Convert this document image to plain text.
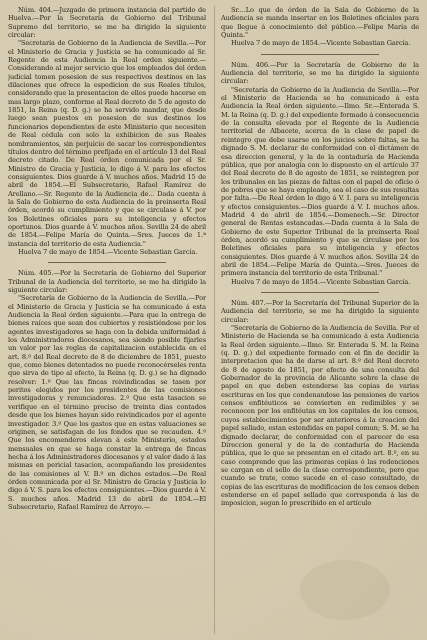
Núm. 404.—Juzgado de primera instancia del partido de Huelva.—Por la Secretaría de Gobierno del Tribunal Supremo del territorio, se me ha dirigido la siguiente circular:

"Secretaría de Gobierno de la Audiencia de Sevilla.—Por el Ministerio de Gracia y Justicia se ha comunicado al Sr. Regente de esta Audiencia la Real orden siguiente.—Considerando al mejor servicio que los empleados del órden judicial tomen posesion de sus respectivos destinos en las dilaciones que ofrece la espedicion de sus Reales títulos, considerando que la presentacion de ellos puede hacerse en mas largo plazo, conforme al Real decreto de 5 de agosto de 1851, la Reina (q. D. g.) se ha servido mandar, que desde luego sean puestos en posesion de sus destinos los funcionarios dependientes de este Ministerio que necesiten de Real cédula con solo la exhibicion de sus Reales nombramientos, sin perjuicio de sacar los correspondientes títulos dentro del término prefijado en el artículo 13 del Real decreto citado. De Real órden comunicada por el Sr. Ministro de Gracia y Justicia, lo digo á V. para los efectos consiguientes. Dios guarde á V. muchos años. Madrid 15 de abril de 1854.—El Subsecretario, Rafael Ramírez de Arellano.—Sr. Regente de la Audiencia de... Dada cuenta á la Sala de Gobierno de esta Audiencia de la preinserta Real órden, acordó su cumplimiento y que se circulase á V. por los Boletines oficiales para su inteligencia y efectos oportunos. Dios guarde á V. muchos años. Sevilla 24 de abril de 1854.—Felipe María de Quinta.—Sres. Jueces de 1.ª instancia del territorio de esta Audiencia."

Huelva 7 de mayo de 1854.—Vicente Sebastian García.

Núm. 405.—Por la Secretaría de Gobierno del Superior Tribunal de la Audiencia del territorio, se me ha dirigido la siguiente circular:

"Secretaría de Gobierno de la Audiencia de Sevilla.—Por el Ministerio de Gracia y Justicia se ha comunicado á esta Audiencia la Real órden siguiente.—Para que la entrega de bienes raíces que sean dos cubiertos y resistiéndose por los agentes investigadores se haga con la debida uniformidad á los Administradores diocesanos, sea siendo posible fijarles un valor por las reglas de capitalizacion establecida en el art. 8.º del Real decreto de 8 de diciembre de 1851, puesto que, como bienes detentados no puede reconocérseles renta que sirva de tipo al efecto, la Reina (q. D. g.) se ha dignado resolver: 1.º Que las fincas reivindicadas se tasen por peritos elegidos por los presidentes de las comisiones investigadoras y renunciadoras. 2.º Que esta tasacion se verifique en el término preciso de treinta dias contados desde que los bienes hayan sido reivindicados por el agente investigador. 3.º Que los gastos que en estas valuaciones se originen, se satisfagan de los fondos que se recauden. 4.º Que los encomenderos elevan á este Ministerio, estados mensuales en que se haga constar la entrega de fincas hecha á los Administradores diocesanos y el valor dado á las mismas en pericial tasacion, acompañando los presidentes de las comisiones al V. B.º en dichos estados.—De Real órden comunicada por el Sr. Ministro de Gracia y Justicia lo digo á V. S. para los efectos consiguientes.—Dios guarde á V. S. muchos años. Madrid 13 de abril de 1854.—El Subsecretario, Rafael Ramírez de Arroyo.—

Sr....Lo que de órden de la Sala de Gobierno de la Audiencia se manda insertar en los Boletines oficiales para que llegue á conocimiento del público.—Felipe María de Quinta."

Huelva 7 de mayo de 1854.—Vicente Sebastian García.

Núm. 406.—Por la Secretaría de Gobierno de la Audiencia del territorio, se me ha dirigido la siguiente circular:

"Secretaría de Gobierno de la Audiencia de Sevilla.—Por el Ministerio de Hacienda se ha comunicado á esta Audiencia la Real órden siguiente.—Ilmo. Sr.—Enterada S. M. la Reina (q. D. g.) del expediente formado á consecuencia de la consulta elevada por el Regente de la Audiencia territorial de Albacete, acerca de la clase de papel de reintegro que debe usarse en los juicios sobre faltas, se ha dignado S. M. declarar de conformidad con el dictámen de esa direccion general, y la de la contaduría de Hacienda pública, que por analogía con lo dispuesto en el artículo 37 del Real decreto de 8 de agosto de 1851, se reintegren por los tribunales en las piezas de faltas con el papel de oficio ó de pobres que se haya empleado, sea el caso de sus resultas por falta.—De Real órden lo digo á V. I. para su inteligencia y efectos consiguientes.—Dios guarde á V. I. muchos años. Madrid 4 de abril de 1854.—Domenech.—Sr. Director general de Rentas estancadas.—Dada cuenta á la Sala de Gobierno de este Superior Tribunal de la preinserta Real órden, acordó su cumplimiento y que se circulase por los Boletines oficiales para su inteligencia y efectos consiguientes. Dios guarde á V. muchos años. Sevilla 24 de abril de 1854.—Felipe María de Quinta.—Sres. Jueces de primera instancia del territorio de esta Tribunal."

Huelva 7 de mayo de 1854.—Vicente Sebastian García.

Núm. 407.—Por la Secretaría del Tribunal Superior de la Audiencia del territorio, se me ha dirigido la siguiente circular:

"Secretaría de Gobierno de la Audiencia de Sevilla. Por el Ministerio de Hacienda se ha comunicado á esta Audiencia la Real órden siguiente.—Ilmo. Sr. Enterada S. M. la Reina (q. D. g.) del expediente formado con el fin de decidir la interpretacion que ha de darse al art. 8.º del Real decreto de 8 de agosto de 1851, por efecto de una consulta del Gobernador de la provincia de Alicante sobre la clase de papel en que deben estenderse las copias de varias escrituras en los que condenandose las pensiones de varios censos enfitéuticos se convierten en redimibles y se reconocen por los enfitéutas en los capitales de los censos, cuyos establecimientos por ser anteriores á la creacion del papel sellado, estan estendidas en papel comun; S. M. se ha dignado declarar, de conformidad con el parecer de esa Direccion general y de la de contaduría de Hacienda pública, que lo que se presentan en el citado art. 8.º, en su caso comprende que las primeras copias ó las redenciones se cargan en el sello de la clase correspondiente, pero que cuando se trate, como sucede en el caso consultado, de copias de las escrituras de modificacion de los censos deben estenderse en el papel sellado que corresponda á las de imposicion, segun lo prescribido en el artículo
